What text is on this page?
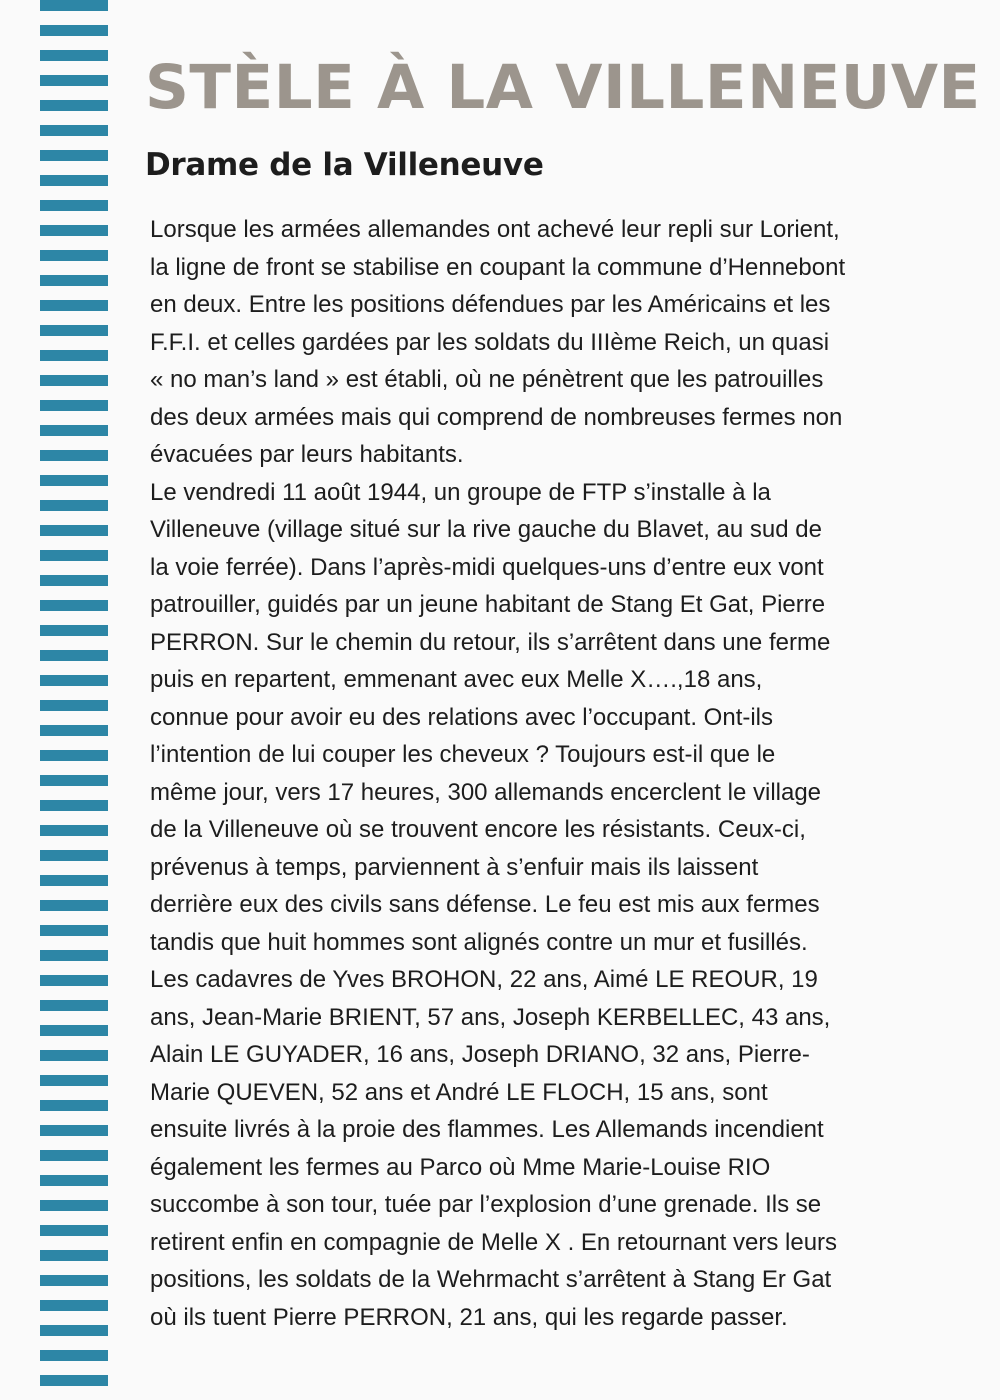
STÈLE À LA VILLENEUVE
Drame de la Villeneuve
Lorsque les armées allemandes ont achevé leur repli sur Lorient,
la ligne de front se stabilise en coupant la commune d’Hennebont
en deux. Entre les positions défendues par les Américains et les
F.F.I. et celles gardées par les soldats du IIIème Reich, un quasi
« no man’s land » est établi, où ne pénètrent que les patrouilles
des deux armées mais qui comprend de nombreuses fermes non
évacuées par leurs habitants.
Le vendredi 11 août 1944, un groupe de FTP s’installe à la
Villeneuve (village situé sur la rive gauche du Blavet, au sud de
la voie ferrée). Dans l’après-midi quelques-uns d’entre eux vont
patrouiller, guidés par un jeune habitant de Stang Et Gat, Pierre
PERRON. Sur le chemin du retour, ils s’arrêtent dans une ferme
puis en repartent, emmenant avec eux Melle X….,18 ans,
connue pour avoir eu des relations avec l’occupant. Ont-ils
l’intention de lui couper les cheveux ? Toujours est-il que le
même jour, vers 17 heures, 300 allemands encerclent le village
de la Villeneuve où se trouvent encore les résistants. Ceux-ci,
prévenus à temps, parviennent à s’enfuir mais ils laissent
derrière eux des civils sans défense. Le feu est mis aux fermes
tandis que huit hommes sont alignés contre un mur et fusillés.
Les cadavres de Yves BROHON, 22 ans, Aimé LE REOUR, 19
ans, Jean-Marie BRIENT, 57 ans, Joseph KERBELLEC, 43 ans,
Alain LE GUYADER, 16 ans, Joseph DRIANO, 32 ans, Pierre-
Marie QUEVEN, 52 ans et André LE FLOCH, 15 ans, sont
ensuite livrés à la proie des flammes. Les Allemands incendient
également les fermes au Parco où Mme Marie-Louise RIO
succombe à son tour, tuée par l’explosion d’une grenade. Ils se
retirent enfin en compagnie de Melle X . En retournant vers leurs
positions, les soldats de la Wehrmacht s’arrêtent à Stang Er Gat
où ils tuent Pierre PERRON, 21 ans, qui les regarde passer.
